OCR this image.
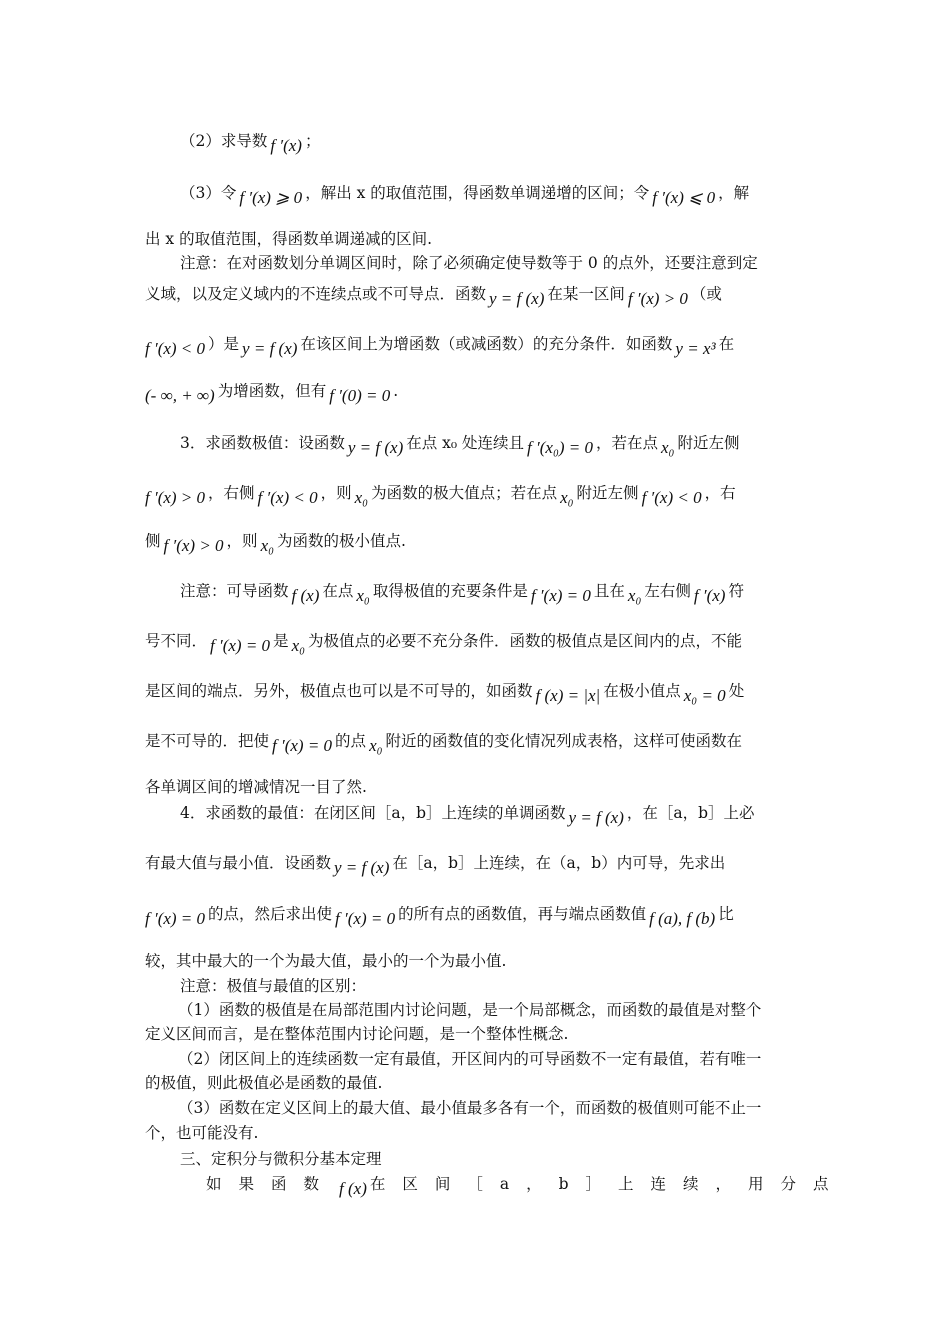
（2）求导数 f ′(x) ；
（3）令 f ′(x) ⩾ 0 ，解出 x 的取值范围，得函数单调递增的区间；令 f ′(x) ⩽ 0 ，解
出 x 的取值范围，得函数单调递减的区间.
注意：在对函数划分单调区间时，除了必须确定使导数等于 0 的点外，还要注意到定
义域，以及定义域内的不连续点或不可导点．函数 y = f (x) 在某一区间 f ′(x) > 0 （或
f ′(x) < 0 ）是 y = f (x) 在该区间上为增函数（或减函数）的充分条件．如函数 y = x³ 在
(- ∞, + ∞) 为增函数，但有 f ′(0) = 0 .
3．求函数极值：设函数 y = f (x) 在点 x₀ 处连续且 f ′(x₀) = 0 ，若在点 x₀ 附近左侧
f ′(x) > 0 ，右侧 f ′(x) < 0 ，则 x₀ 为函数的极大值点；若在点 x₀ 附近左侧 f ′(x) < 0 ，右
侧 f ′(x) > 0 ，则 x₀ 为函数的极小值点.
注意：可导函数 f (x) 在点 x₀ 取得极值的充要条件是 f ′(x) = 0 且在 x₀ 左右侧 f ′(x) 符
号不同． f ′(x) = 0 是 x₀ 为极值点的必要不充分条件．函数的极值点是区间内的点，不能
是区间的端点．另外，极值点也可以是不可导的，如函数 f (x) = |x| 在极小值点 x₀ = 0 处
是不可导的．把使 f ′(x) = 0 的点 x₀ 附近的函数值的变化情况列成表格，这样可使函数在
各单调区间的增减情况一目了然.
4．求函数的最值：在闭区间［a，b］上连续的单调函数 y = f (x) ，在［a，b］上必
有最大值与最小值．设函数 y = f (x) 在［a，b］上连续，在（a，b）内可导，先求出
f ′(x) = 0 的点，然后求出使 f ′(x) = 0 的所有点的函数值，再与端点函数值 f (a), f (b) 比
较，其中最大的一个为最大值，最小的一个为最小值.
注意：极值与最值的区别：
（1）函数的极值是在局部范围内讨论问题，是一个局部概念，而函数的最值是对整个
定义区间而言，是在整体范围内讨论问题，是一个整体性概念.
（2）闭区间上的连续函数一定有最值，开区间内的可导函数不一定有最值，若有唯一
的极值，则此极值必是函数的最值.
（3）函数在定义区间上的最大值、最小值最多各有一个，而函数的极值则可能不止一
个，也可能没有.
三、定积分与微积分基本定理
如果函数 f (x) 在区间［a，b］上连续，用分点
